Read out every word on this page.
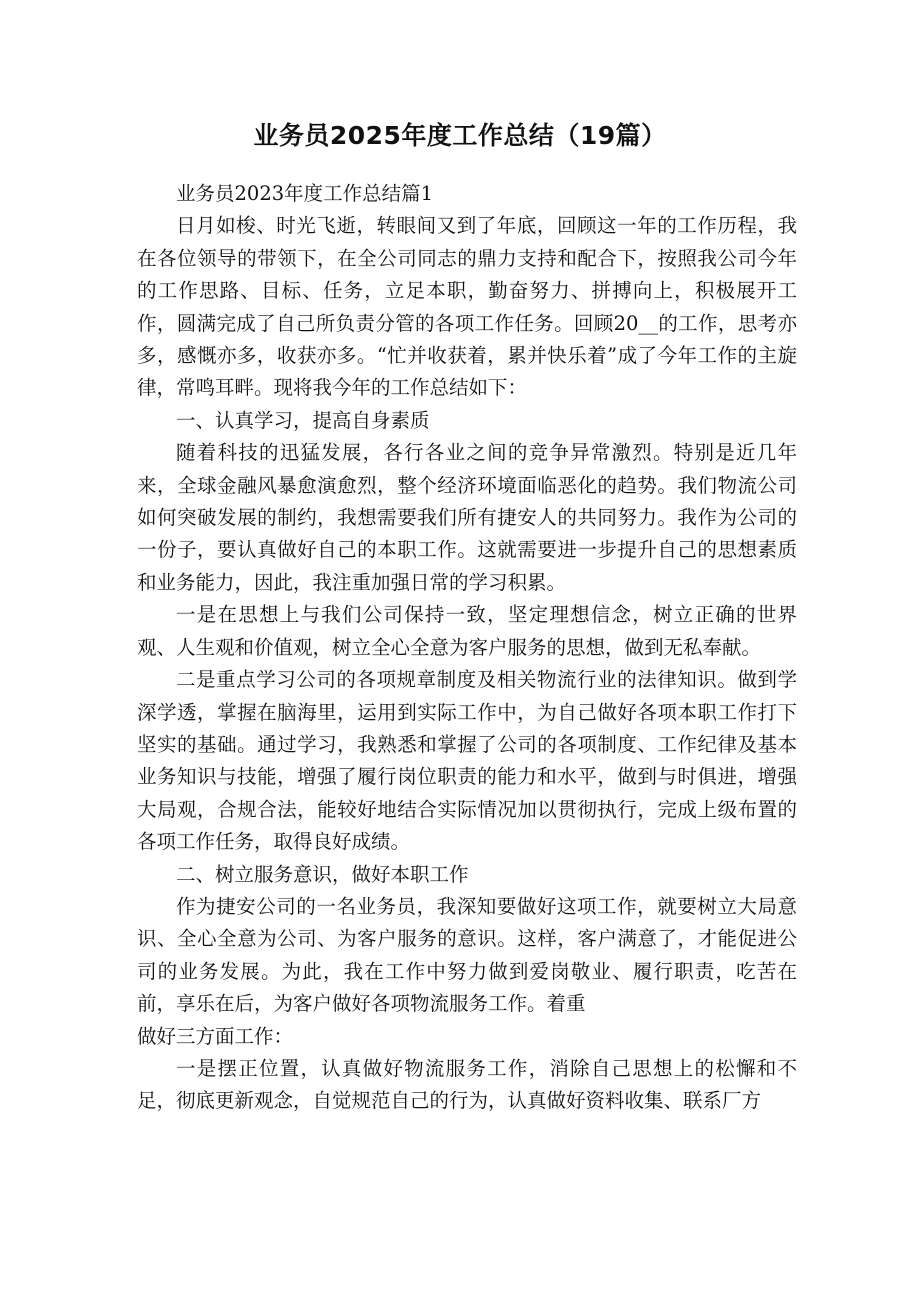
业务员2025年度工作总结（19篇）

业务员2023年度工作总结篇1

日月如梭、时光飞逝，转眼间又到了年底，回顾这一年的工作历程，我在各位领导的带领下，在全公司同志的鼎力支持和配合下，按照我公司今年的工作思路、目标、任务，立足本职，勤奋努力、拼搏向上，积极展开工作，圆满完成了自己所负责分管的各项工作任务。回顾20__的工作，思考亦多，感慨亦多，收获亦多。“忙并收获着，累并快乐着”成了今年工作的主旋律，常鸣耳畔。现将我今年的工作总结如下：

一、认真学习，提高自身素质

随着科技的迅猛发展，各行各业之间的竞争异常激烈。特别是近几年来，全球金融风暴愈演愈烈，整个经济环境面临恶化的趋势。我们物流公司如何突破发展的制约，我想需要我们所有捷安人的共同努力。我作为公司的一份子，要认真做好自己的本职工作。这就需要进一步提升自己的思想素质和业务能力，因此，我注重加强日常的学习积累。

一是在思想上与我们公司保持一致，坚定理想信念，树立正确的世界观、人生观和价值观，树立全心全意为客户服务的思想，做到无私奉献。

二是重点学习公司的各项规章制度及相关物流行业的法律知识。做到学深学透，掌握在脑海里，运用到实际工作中，为自己做好各项本职工作打下坚实的基础。通过学习，我熟悉和掌握了公司的各项制度、工作纪律及基本业务知识与技能，增强了履行岗位职责的能力和水平，做到与时俱进，增强大局观，合规合法，能较好地结合实际情况加以贯彻执行，完成上级布置的各项工作任务，取得良好成绩。

二、树立服务意识，做好本职工作

作为捷安公司的一名业务员，我深知要做好这项工作，就要树立大局意识、全心全意为公司、为客户服务的意识。这样，客户满意了，才能促进公司的业务发展。为此，我在工作中努力做到爱岗敬业、履行职责，吃苦在前，享乐在后，为客户做好各项物流服务工作。着重

做好三方面工作：

一是摆正位置，认真做好物流服务工作，消除自己思想上的松懈和不足，彻底更新观念，自觉规范自己的行为，认真做好资料收集、联系厂方
